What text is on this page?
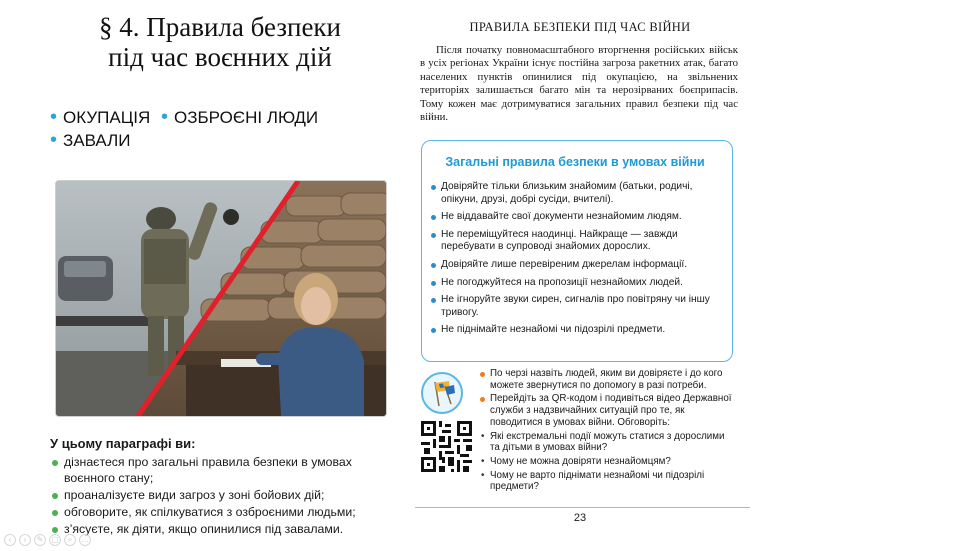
§ 4. Правила безпеки
під час воєнних дій
• ОКУПАЦІЯ • ОЗБРОЄНІ ЛЮДИ
• ЗАВАЛИ
У цьому параграфі ви:
дізнаєтеся про загальні правила безпеки в умовах воєнного стану;
проаналізуєте види загроз у зоні бойових дій;
обговорите, як спілкуватися з озброєними людьми;
з’ясуєте, як діяти, якщо опинилися під завалами.
ПРАВИЛА БЕЗПЕКИ ПІД ЧАС ВІЙНИ

Після початку повномасштабного вторгнення російських військ в усіх регіонах України існує постійна загроза ракетних атак, багато населених пунктів опинилися під окупацією, на звільнених територіях залишається багато мін та нерозірваних боєприпасів. Тому кожен має дотримуватися загальних правил безпеки під час війни.

Загальні правила безпеки в умовах війни
Довіряйте тільки близьким знайомим (батьки, родичі, опікуни, друзі, добрі сусіди, вчителі).
Не віддавайте свої документи незнайомим людям.
Не переміщуйтеся наодинці. Найкраще — завжди перебувати в супроводі знайомих дорослих.
Довіряйте лише перевіреним джерелам інформації.
Не погоджуйтеся на пропозиції незнайомих людей.
Не ігноруйте звуки сирен, сигналів про повітряну чи іншу тривогу.
Не піднімайте незнайомі чи підозрілі предмети.
По черзі назвіть людей, яким ви довіряєте і до кого можете звернутися по допомогу в разі потреби.
Перейдіть за QR-кодом і подивіться відео Державної служби з надзвичайних ситуацій про те, як поводитися в умовах війни. Обговоріть:
• Які екстремальні події можуть статися з дорослими та дітьми в умовах війни?
• Чому не можна довіряти незнайомцям?
• Чому не варто піднімати незнайомі чи підозрілі предмети?
23
‹	›	✎ ▢	⌕	…
